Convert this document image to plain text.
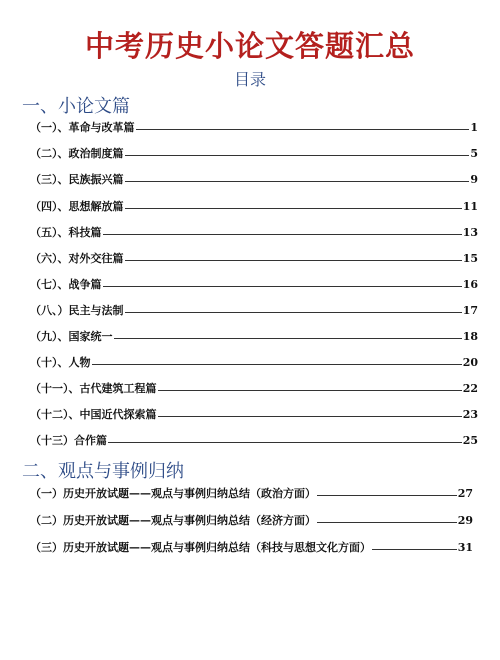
中考历史小论文答题汇总
目录
一、小论文篇
（一）、革命与改革篇	1
（二）、政治制度篇	5
（三）、民族振兴篇	9
（四）、思想解放篇	11
（五）、科技篇	13
（六）、对外交往篇	15
（七）、战争篇	16
（八、）民主与法制	17
（九）、国家统一	18
（十）、人物	20
（十一）、古代建筑工程篇	22
（十二）、中国近代探索篇	23
（十三）合作篇	25
二、观点与事例归纳
（一）历史开放试题——观点与事例归纳总结（政治方面）	27
（二）历史开放试题——观点与事例归纳总结（经济方面）	29
（三）历史开放试题——观点与事例归纳总结（科技与思想文化方面）	31
